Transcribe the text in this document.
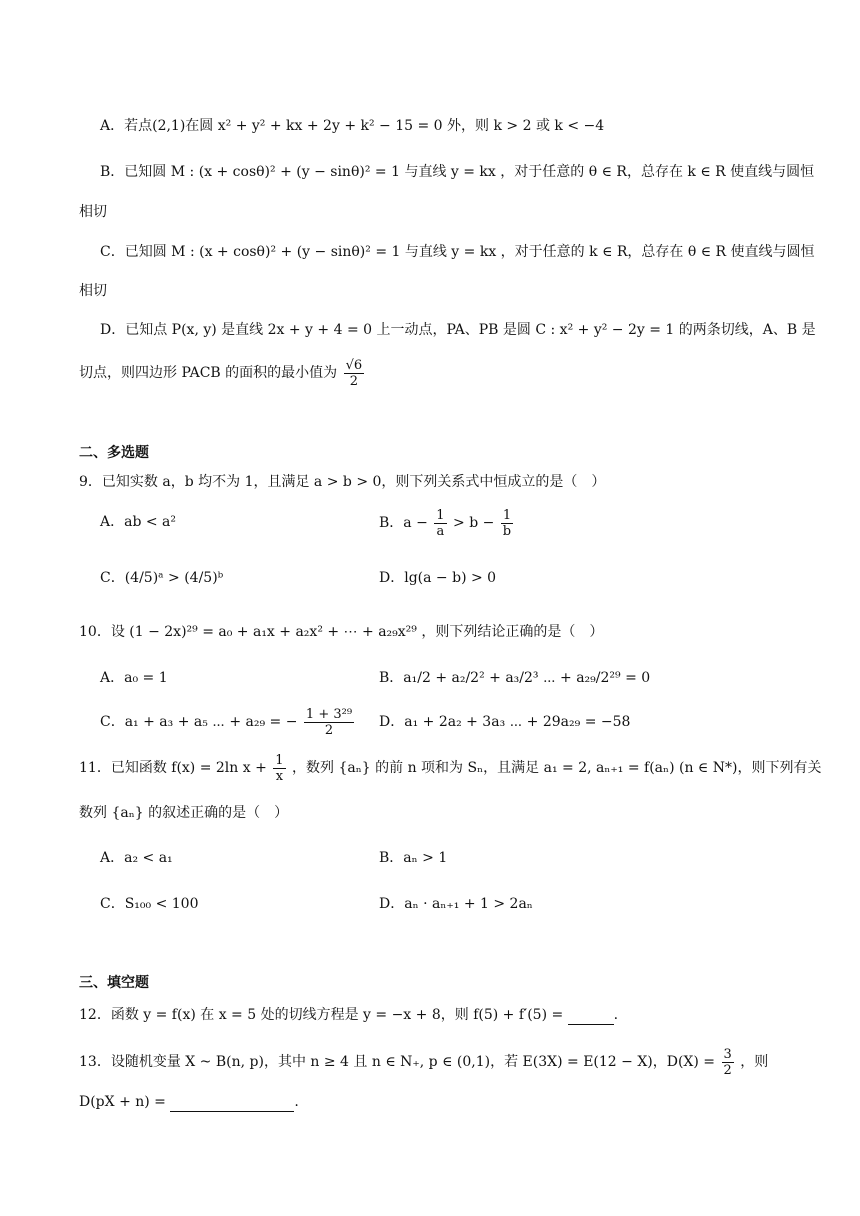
A．若点(2,1)在圆 x² + y² + kx + 2y + k² − 15 = 0 外，则 k > 2 或 k < −4
B．已知圆 M : (x + cosθ)² + (y − sinθ)² = 1 与直线 y = kx ，对于任意的 θ ∈ R，总存在 k ∈ R 使直线与圆恒
相切
C．已知圆 M : (x + cosθ)² + (y − sinθ)² = 1 与直线 y = kx ，对于任意的 k ∈ R，总存在 θ ∈ R 使直线与圆恒
相切
D．已知点 P(x, y) 是直线 2x + y + 4 = 0 上一动点，PA、PB 是圆 C : x² + y² − 2y = 1 的两条切线，A、B 是
切点，则四边形 PACB 的面积的最小值为 $\frac{√6}{2}$
二、多选题
9．已知实数 a，b 均不为 1，且满足 a > b > 0，则下列关系式中恒成立的是（　）
A．ab < a²	B．$a - \frac{1}{a} > b - \frac{1}{b}$
C．(4/5)ᵃ > (4/5)ᵇ	D．lg(a − b) > 0
10．设 (1 − 2x)²⁹ = a₀ + a₁x + a₂x² + ⋯ + a₂₉x²⁹ ，则下列结论正确的是（　）
A．a₀ = 1	B．a₁/2 + a₂/2² + a₃/2³ ⋯ + a₂₉/2²⁹ = 0
C．a₁ + a₃ + a₅ ⋯ + a₂₉ = − $\frac{\text{1 + 3²⁹}}{2}$ D．a₁ + 2a₂ + 3a₃ ⋯ + 29a₂₉ = −58
11．已知函数 f(x) = 2ln $x + \frac{1}{x}$ ，数列 {aₙ} 的前 n 项和为 Sₙ，且满足 a₁ = 2, aₙ₊₁ = f(aₙ) (n ∈ N*)，则下列有关
数列 {aₙ} 的叙述正确的是（　）
A．a₂ < a₁	B．aₙ > 1
C．S₁₀₀ < 100	D．aₙ · aₙ₊₁ + 1 > 2aₙ
三、填空题
12．函数 y = f(x) 在 x = 5 处的切线方程是 y = −x + 8，则 f(5) + f′(5) =	.
13．设随机变量 X ~ B(n, p)，其中 n ≥ 4 且 n ∈ N₊, p ∈ (0,1)，若 E(3X) = E(12 − X)，$D(X) = \frac{3}{2}$ ，则
D(pX + n) =	.
